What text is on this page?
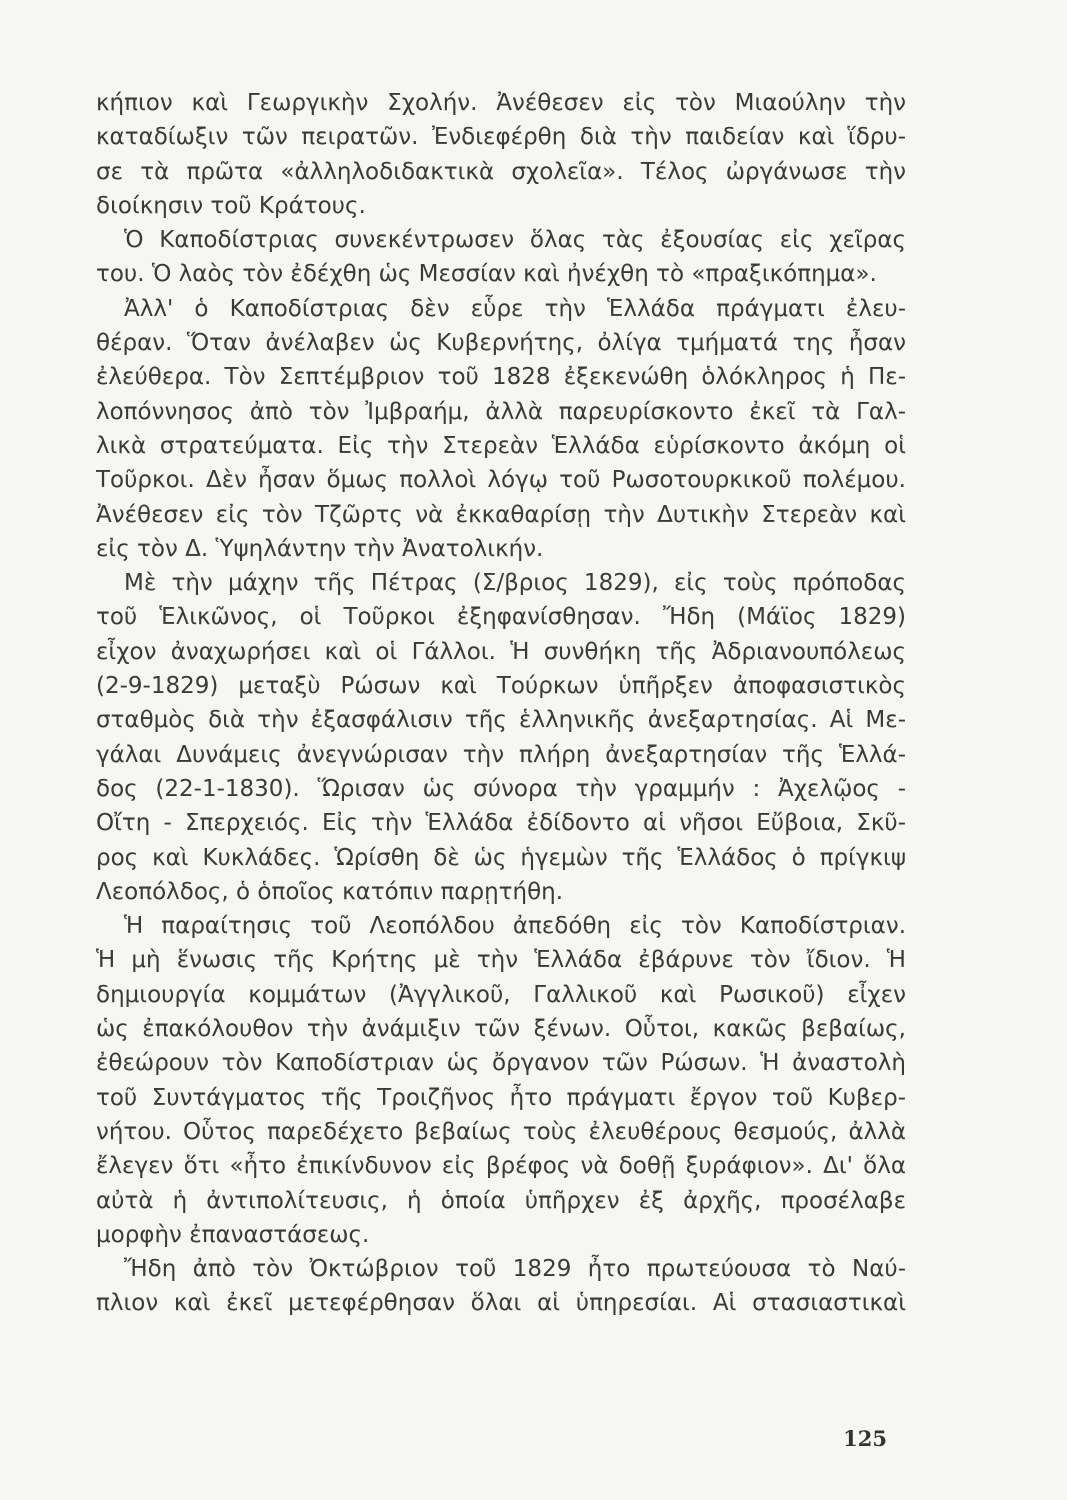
κήπιον καὶ Γεωργικὴν Σχολήν. Ἀνέθεσεν εἰς τὸν Μιαούλην τὴν
καταδίωξιν τῶν πειρατῶν. Ἐνδιεφέρθη διὰ τὴν παιδείαν καὶ ἵδρυ-
σε τὰ πρῶτα «ἀλληλοδιδακτικὰ σχολεῖα». Τέλος ὠργάνωσε τὴν
διοίκησιν τοῦ Κράτους.
Ὁ Καποδίστριας συνεκέντρωσεν ὅλας τὰς ἐξουσίας εἰς χεῖρας
του. Ὁ λαὸς τὸν ἐδέχθη ὡς Μεσσίαν καὶ ἠνέχθη τὸ «πραξικόπημα».
Ἀλλ' ὁ Καποδίστριας δὲν εὗρε τὴν Ἑλλάδα πράγματι ἐλευ-
θέραν. Ὅταν ἀνέλαβεν ὡς Κυβερνήτης, ὀλίγα τμήματά της ἦσαν
ἐλεύθερα. Τὸν Σεπτέμβριον τοῦ 1828 ἐξεκενώθη ὁλόκληρος ἡ Πε-
λοπόννησος ἀπὸ τὸν Ἰμβραήμ, ἀλλὰ παρευρίσκοντο ἐκεῖ τὰ Γαλ-
λικὰ στρατεύματα. Εἰς τὴν Στερεὰν Ἑλλάδα εὑρίσκοντο ἀκόμη οἱ
Τοῦρκοι. Δὲν ἦσαν ὅμως πολλοὶ λόγῳ τοῦ Ρωσοτουρκικοῦ πολέμου.
Ἀνέθεσεν εἰς τὸν Τζῶρτς νὰ ἐκκαθαρίσῃ τὴν Δυτικὴν Στερεὰν καὶ
εἰς τὸν Δ. Ὑψηλάντην τὴν Ἀνατολικήν.
Μὲ τὴν μάχην τῆς Πέτρας (Σ/βριος 1829), εἰς τοὺς πρόποδας
τοῦ Ἑλικῶνος, οἱ Τοῦρκοι ἐξηφανίσθησαν. Ἤδη (Μάϊος 1829)
εἶχον ἀναχωρήσει καὶ οἱ Γάλλοι. Ἡ συνθήκη τῆς Ἀδριανουπόλεως
(2-9-1829) μεταξὺ Ρώσων καὶ Τούρκων ὑπῆρξεν ἀποφασιστικὸς
σταθμὸς διὰ τὴν ἐξασφάλισιν τῆς ἑλληνικῆς ἀνεξαρτησίας. Αἱ Με-
γάλαι Δυνάμεις ἀνεγνώρισαν τὴν πλήρη ἀνεξαρτησίαν τῆς Ἑλλά-
δος (22-1-1830). Ὥρισαν ὡς σύνορα τὴν γραμμήν : Ἀχελῷος -
Οἴτη - Σπερχειός. Εἰς τὴν Ἑλλάδα ἐδίδοντο αἱ νῆσοι Εὔβοια, Σκῦ-
ρος καὶ Κυκλάδες. Ὡρίσθη δὲ ὡς ἡγεμὼν τῆς Ἑλλάδος ὁ πρίγκιψ
Λεοπόλδος, ὁ ὁποῖος κατόπιν παρῃτήθη.
Ἡ παραίτησις τοῦ Λεοπόλδου ἀπεδόθη εἰς τὸν Καποδίστριαν.
Ἡ μὴ ἕνωσις τῆς Κρήτης μὲ τὴν Ἑλλάδα ἐβάρυνε τὸν ἴδιον. Ἡ
δημιουργία κομμάτων (Ἀγγλικοῦ, Γαλλικοῦ καὶ Ρωσικοῦ) εἶχεν
ὡς ἐπακόλουθον τὴν ἀνάμιξιν τῶν ξένων. Οὗτοι, κακῶς βεβαίως,
ἐθεώρουν τὸν Καποδίστριαν ὡς ὄργανον τῶν Ρώσων. Ἡ ἀναστολὴ
τοῦ Συντάγματος τῆς Τροιζῆνος ἦτο πράγματι ἔργον τοῦ Κυβερ-
νήτου. Οὗτος παρεδέχετο βεβαίως τοὺς ἐλευθέρους θεσμούς, ἀλλὰ
ἔλεγεν ὅτι «ἦτο ἐπικίνδυνον εἰς βρέφος νὰ δοθῇ ξυράφιον». Δι' ὅλα
αὐτὰ ἡ ἀντιπολίτευσις, ἡ ὁποία ὑπῆρχεν ἐξ ἀρχῆς, προσέλαβε
μορφὴν ἐπαναστάσεως.
Ἤδη ἀπὸ τὸν Ὀκτώβριον τοῦ 1829 ἦτο πρωτεύουσα τὸ Ναύ-
πλιον καὶ ἐκεῖ μετεφέρθησαν ὅλαι αἱ ὑπηρεσίαι. Αἱ στασιαστικαὶ
125
